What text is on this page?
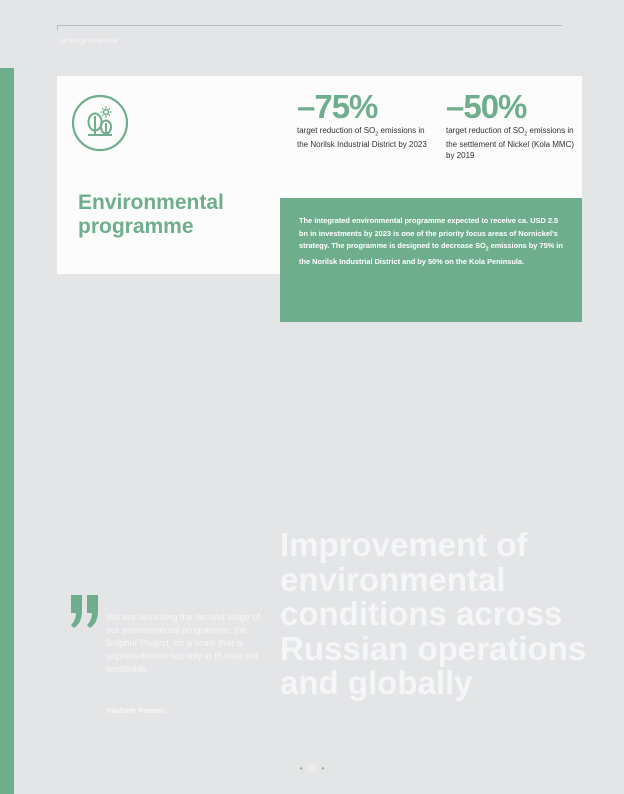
Strategy overview
–75%
target reduction of $SO_2$ emissions in the Norilsk Industrial District by 2023
–50%
target reduction of $SO_2$ emissions in the settlement of Nickel (Kola MMC) by 2019
Environmental programme	The integrated environmental programme expected to receive ca. USD 2.5 bn in investments by 2023 is one of the priority focus areas of Nornickel's strategy. The programme is designed to decrease $SO_2$ emissions by 75% in the Norilsk Industrial District and by 50% on the Kola Peninsula.

Improvement of environmental conditions across Russian operations and globally
We are launching the second stage of our environmental programme, the Sulphur Project, on a scale that is unprecedented not only in Russia but worldwide.
Vladimir Potanin
• 20 •
